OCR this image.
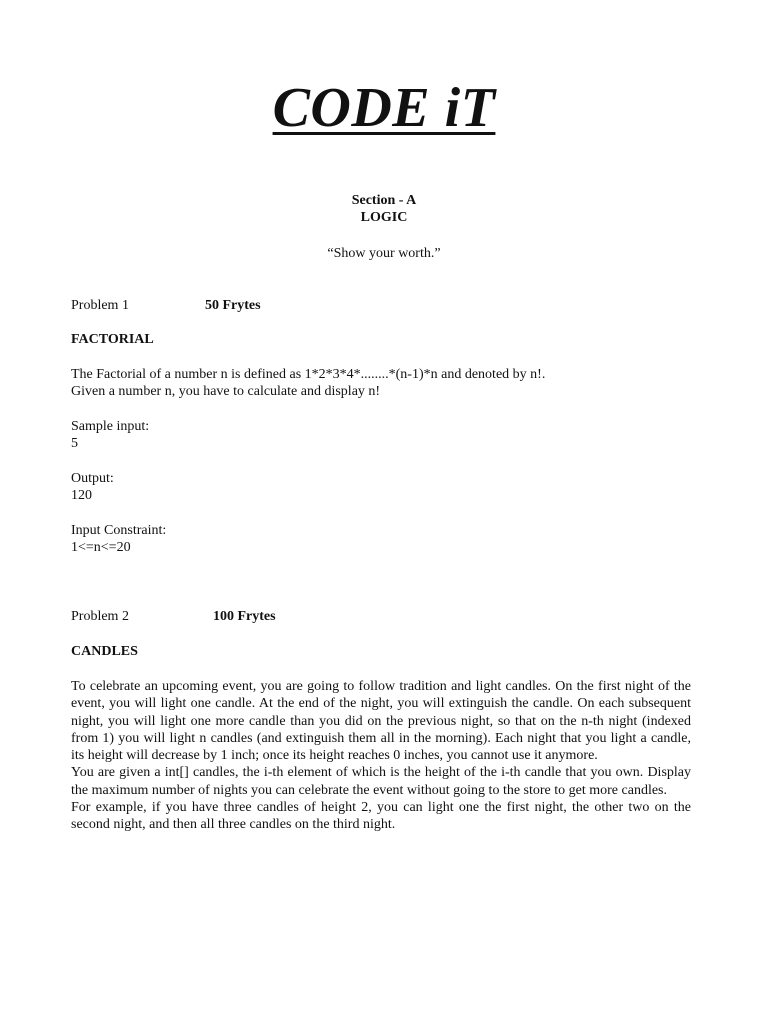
CODE iT
Section - A
LOGIC
“Show your worth.”
Problem 1	50 Frytes
FACTORIAL
The Factorial of a number n is defined as 1*2*3*4*........*(n-1)*n and denoted by n!.
Given a number n, you have to calculate and display n!
Sample input:
5
Output:
120
Input Constraint:
1<=n<=20
Problem 2	100 Frytes
CANDLES

To celebrate an upcoming event, you are going to follow tradition and light candles. On the first night of the event, you will light one candle. At the end of the night, you will extinguish the candle. On each subsequent night, you will light one more candle than you did on the previous night, so that on the n-th night (indexed from 1) you will light n candles (and extinguish them all in the morning). Each night that you light a candle, its height will decrease by 1 inch; once its height reaches 0 inches, you cannot use it anymore.

You are given a int[] candles, the i-th element of which is the height of the i-th candle that you own. Display the maximum number of nights you can celebrate the event without going to the store to get more candles.

For example, if you have three candles of height 2, you can light one the first night, the other two on the second night, and then all three candles on the third night.
